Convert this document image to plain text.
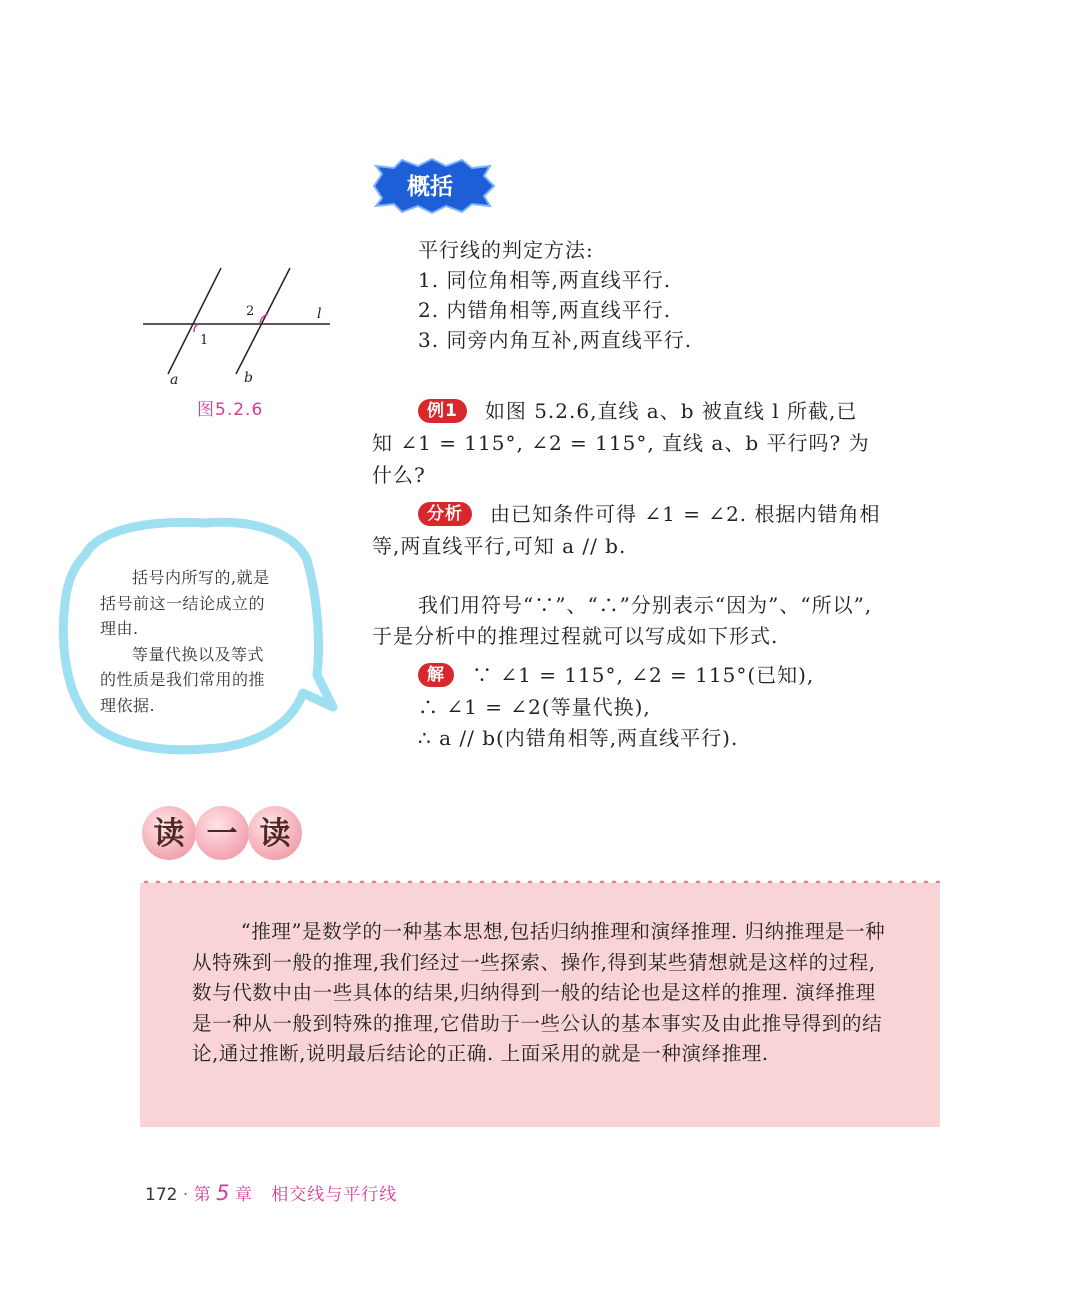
概括
平行线的判定方法:
1. 同位角相等,两直线平行.
2. 内错角相等,两直线平行.
3. 同旁内角互补,两直线平行.
1
2	l
a	b
图5.2.6	例1 如图 5.2.6,直线 a、b 被直线 l 所截,已
知 ∠1 = 115°, ∠2 = 115°, 直线 a、b 平行吗? 为
什么?
分析 由已知条件可得 ∠1 = ∠2. 根据内错角相
等,两直线平行,可知 a // b.
我们用符号“∵”、“∴”分别表示“因为”、“所以”,
于是分析中的推理过程就可以写成如下形式.
解 ∵ ∠1 = 115°, ∠2 = 115°(已知),
∴ ∠1 = ∠2(等量代换),
∴ a // b(内错角相等,两直线平行).

括号内所写的,就是括号前这一结论成立的理由.

等量代换以及等式的性质是我们常用的推理依据.

读 一 读

“推理”是数学的一种基本思想,包括归纳推理和演绎推理. 归纳推理是一种从特殊到一般的推理,我们经过一些探索、操作,得到某些猜想就是这样的过程,数与代数中由一些具体的结果,归纳得到一般的结论也是这样的推理. 演绎推理是一种从一般到特殊的推理,它借助于一些公认的基本事实及由此推导得到的结论,通过推断,说明最后结论的正确. 上面采用的就是一种演绎推理.

172 · 第 5 章 相交线与平行线
